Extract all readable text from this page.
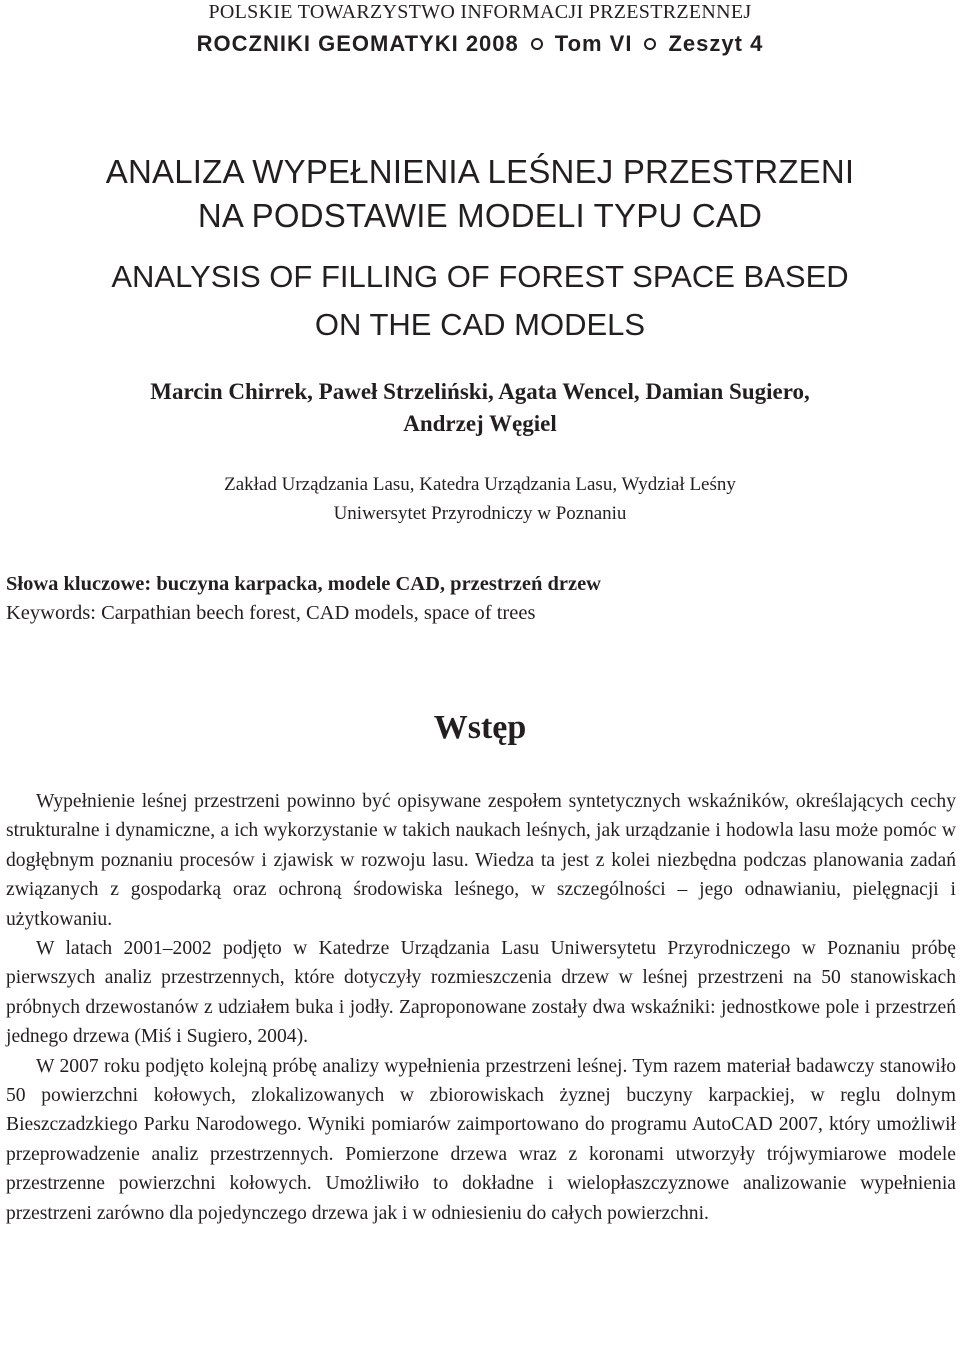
POLSKIE TOWARZYSTWO INFORMACJI PRZESTRZENNEJ
ROCZNIKI GEOMATYKI 2008 Tom VI Zeszyt 4
ANALIZA WYPEŁNIENIA LEŚNEJ PRZESTRZENI
NA PODSTAWIE MODELI TYPU CAD
ANALYSIS OF FILLING OF FOREST SPACE BASED
ON THE CAD MODELS
Marcin Chirrek, Paweł Strzeliński, Agata Wencel, Damian Sugiero,
Andrzej Węgiel
Zakład Urządzania Lasu, Katedra Urządzania Lasu, Wydział Leśny
Uniwersytet Przyrodniczy w Poznaniu
Słowa kluczowe: buczyna karpacka, modele CAD, przestrzeń drzew
Keywords: Carpathian beech forest, CAD models, space of trees
Wstęp

Wypełnienie leśnej przestrzeni powinno być opisywane zespołem syntetycznych wskaźników, określających cechy strukturalne i dynamiczne, a ich wykorzystanie w takich naukach leśnych, jak urządzanie i hodowla lasu może pomóc w dogłębnym poznaniu procesów i zjawisk w rozwoju lasu. Wiedza ta jest z kolei niezbędna podczas planowania zadań związanych z gospodarką oraz ochroną środowiska leśnego, w szczególności – jego odnawianiu, pielęgnacji i użytkowaniu.

W latach 2001–2002 podjęto w Katedrze Urządzania Lasu Uniwersytetu Przyrodniczego w Poznaniu próbę pierwszych analiz przestrzennych, które dotyczyły rozmieszczenia drzew w leśnej przestrzeni na 50 stanowiskach próbnych drzewostanów z udziałem buka i jodły. Zaproponowane zostały dwa wskaźniki: jednostkowe pole i przestrzeń jednego drzewa (Miś i Sugiero, 2004).

W 2007 roku podjęto kolejną próbę analizy wypełnienia przestrzeni leśnej. Tym razem materiał badawczy stanowiło 50 powierzchni kołowych, zlokalizowanych w zbiorowiskach żyznej buczyny karpackiej, w reglu dolnym Bieszczadzkiego Parku Narodowego. Wyniki pomiarów zaimportowano do programu AutoCAD 2007, który umożliwił przeprowadzenie analiz przestrzennych. Pomierzone drzewa wraz z koronami utworzyły trójwymiarowe modele przestrzenne powierzchni kołowych. Umożliwiło to dokładne i wielopłaszczyznowe analizowanie wypełnienia przestrzeni zarówno dla pojedynczego drzewa jak i w odniesieniu do całych powierzchni.
